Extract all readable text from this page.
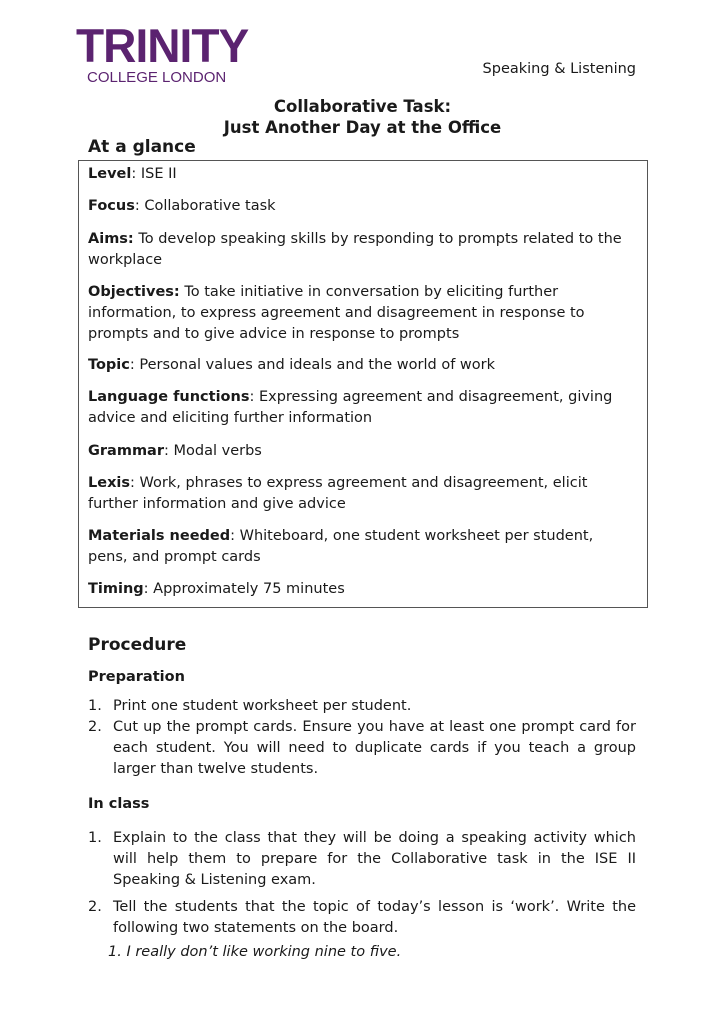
TRINITY
COLLEGE LONDON	Speaking & Listening
Collaborative Task:
Just Another Day at the Office
At a glance
Level: ISE II
Focus: Collaborative task
Aims: To develop speaking skills by responding to prompts related to the workplace
Objectives: To take initiative in conversation by eliciting further information, to express agreement and disagreement in response to prompts and to give advice in response to prompts
Topic: Personal values and ideals and the world of work
Language functions: Expressing agreement and disagreement, giving advice and eliciting further information
Grammar: Modal verbs
Lexis: Work, phrases to express agreement and disagreement, elicit further information and give advice
Materials needed: Whiteboard, one student worksheet per student, pens, and prompt cards
Timing: Approximately 75 minutes
Procedure
Preparation
1. Print one student worksheet per student.
2. Cut up the prompt cards. Ensure you have at least one prompt card for each student. You will need to duplicate cards if you teach a group larger than twelve students.
In class
1. Explain to the class that they will be doing a speaking activity which will help them to prepare for the Collaborative task in the ISE II Speaking & Listening exam.
2. Tell the students that the topic of today’s lesson is ‘work’. Write the following two statements on the board.
1. I really don’t like working nine to five.
